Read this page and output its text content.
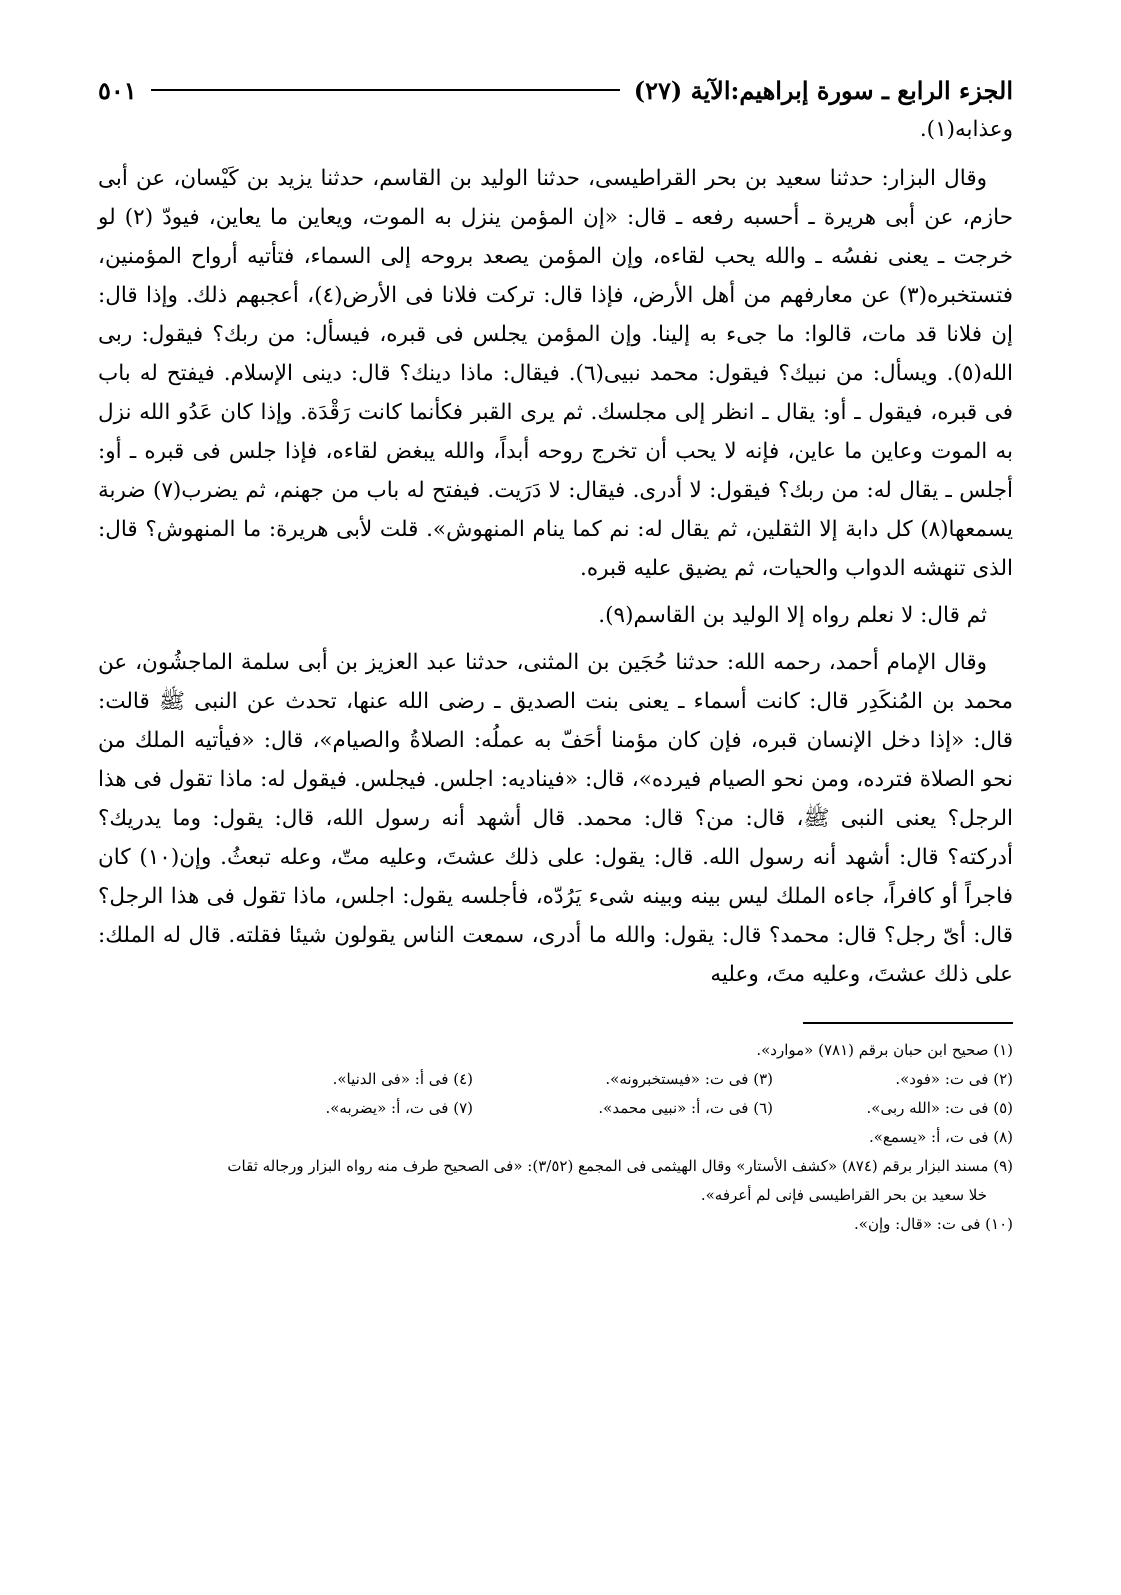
الجزء الرابع ـ سورة إبراهيم:الآية (٢٧)
٥٠١

وعذابه(١).

وقال البزار: حدثنا سعيد بن بحر القراطيسى، حدثنا الوليد بن القاسم، حدثنا يزيد بن كَيْسان، عن أبى حازم، عن أبى هريرة ـ أحسبه رفعه ـ قال: «إن المؤمن ينزل به الموت، ويعاين ما يعاين، فيودّ (٢) لو خرجت ـ يعنى نفسُه ـ والله يحب لقاءه، وإن المؤمن يصعد بروحه إلى السماء، فتأتيه أرواح المؤمنين، فتستخبره(٣) عن معارفهم من أهل الأرض، فإذا قال: تركت فلانا فى الأرض(٤)، أعجبهم ذلك. وإذا قال: إن فلانا قد مات، قالوا: ما جىء به إلينا. وإن المؤمن يجلس فى قبره، فيسأل: من ربك؟ فيقول: ربى الله(٥). ويسأل: من نبيك؟ فيقول: محمد نبيى(٦). فيقال: ماذا دينك؟ قال: دينى الإسلام. فيفتح له باب فى قبره، فيقول ـ أو: يقال ـ انظر إلى مجلسك. ثم يرى القبر فكأنما كانت رَقْدَة. وإذا كان عَدُو الله نزل به الموت وعاين ما عاين، فإنه لا يحب أن تخرج روحه أبداً، والله يبغض لقاءه، فإذا جلس فى قبره ـ أو: أجلس ـ يقال له: من ربك؟ فيقول: لا أدرى. فيقال: لا دَرَيت. فيفتح له باب من جهنم، ثم يضرب(٧) ضربة يسمعها(٨) كل دابة إلا الثقلين، ثم يقال له: نم كما ينام المنهوش». قلت لأبى هريرة: ما المنهوش؟ قال: الذى تنهشه الدواب والحيات، ثم يضيق عليه قبره.

ثم قال: لا نعلم رواه إلا الوليد بن القاسم(٩).

وقال الإمام أحمد، رحمه الله: حدثنا حُجَين بن المثنى، حدثنا عبد العزيز بن أبى سلمة الماجشُون، عن محمد بن المُنكَدِر قال: كانت أسماء ـ يعنى بنت الصديق ـ رضى الله عنها، تحدث عن النبى ﷺ قالت: قال: «إذا دخل الإنسان قبره، فإن كان مؤمنا أحَفّ به عملُه: الصلاةُ والصيام»، قال: «فيأتيه الملك من نحو الصلاة فترده، ومن نحو الصيام فيرده»، قال: «فيناديه: اجلس. فيجلس. فيقول له: ماذا تقول فى هذا الرجل؟ يعنى النبى ﷺ، قال: من؟ قال: محمد. قال أشهد أنه رسول الله، قال: يقول: وما يدريك؟ أدركته؟ قال: أشهد أنه رسول الله. قال: يقول: على ذلك عشتَ، وعليه متّ، وعله تبعثُ. وإن(١٠) كان فاجراً أو كافراً، جاءه الملك ليس بينه وبينه شىء يَرُدّه، فأجلسه يقول: اجلس، ماذا تقول فى هذا الرجل؟ قال: أىّ رجل؟ قال: محمد؟ قال: يقول: والله ما أدرى، سمعت الناس يقولون شيئا فقلته. قال له الملك: على ذلك عشتَ، وعليه متَ، وعليه

(١) صحيح ابن حبان برقم (٧٨١) «موارد».
(٢) فى ت: «فود».
(٣) فى ت: «فيستخبرونه».
(٤) فى أ: «فى الدنيا».
(٥) فى ت: «الله ربى».
(٦) فى ت، أ: «نبيى محمد».
(٧) فى ت، أ: «يضربه».
(٨) فى ت، أ: «يسمع».
(٩) مسند البزار برقم (٨٧٤) «كشف الأستار» وقال الهيثمى فى المجمع (٣/٥٢): «فى الصحيح طرف منه رواه البزار ورجاله ثقات
خلا سعيد بن بحر القراطيسى فإنى لم أعرفه».
(١٠) فى ت: «قال: وإن».
